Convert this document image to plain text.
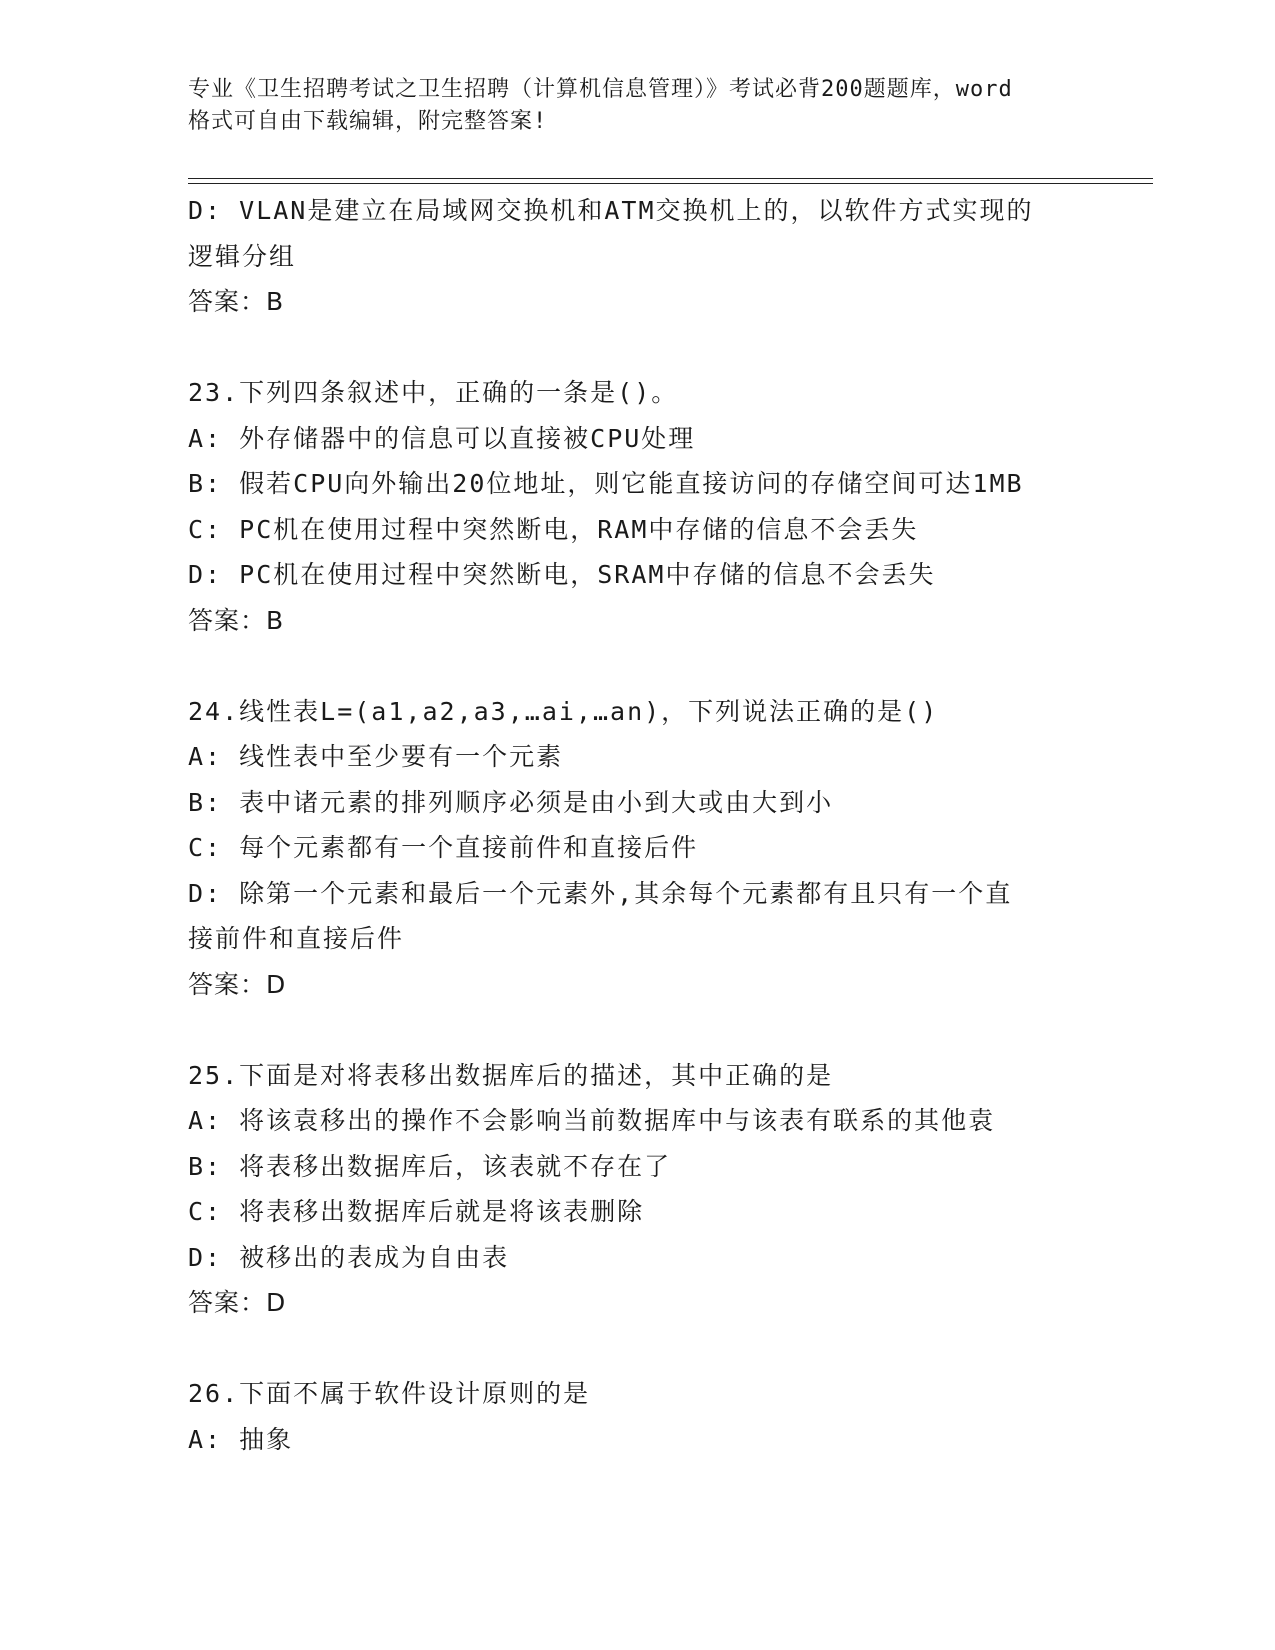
专业《卫生招聘考试之卫生招聘（计算机信息管理）》考试必背200题题库，word
格式可自由下载编辑，附完整答案!
D: VLAN是建立在局域网交换机和ATM交换机上的，以软件方式实现的
逻辑分组
答案：B
23.下列四条叙述中，正确的一条是()。
A: 外存储器中的信息可以直接被CPU处理
B: 假若CPU向外输出20位地址，则它能直接访问的存储空间可达1MB
C: PC机在使用过程中突然断电，RAM中存储的信息不会丢失
D: PC机在使用过程中突然断电，SRAM中存储的信息不会丢失
答案：B
24.线性表L=(a1,a2,a3,…ai,…an)，下列说法正确的是()
A: 线性表中至少要有一个元素
B: 表中诸元素的排列顺序必须是由小到大或由大到小
C: 每个元素都有一个直接前件和直接后件
D: 除第一个元素和最后一个元素外,其余每个元素都有且只有一个直
接前件和直接后件
答案：D
25.下面是对将表移出数据库后的描述，其中正确的是
A: 将该袁移出的操作不会影响当前数据库中与该表有联系的其他袁
B: 将表移出数据库后，该表就不存在了
C: 将表移出数据库后就是将该表删除
D: 被移出的表成为自由表
答案：D
26.下面不属于软件设计原则的是
A: 抽象
